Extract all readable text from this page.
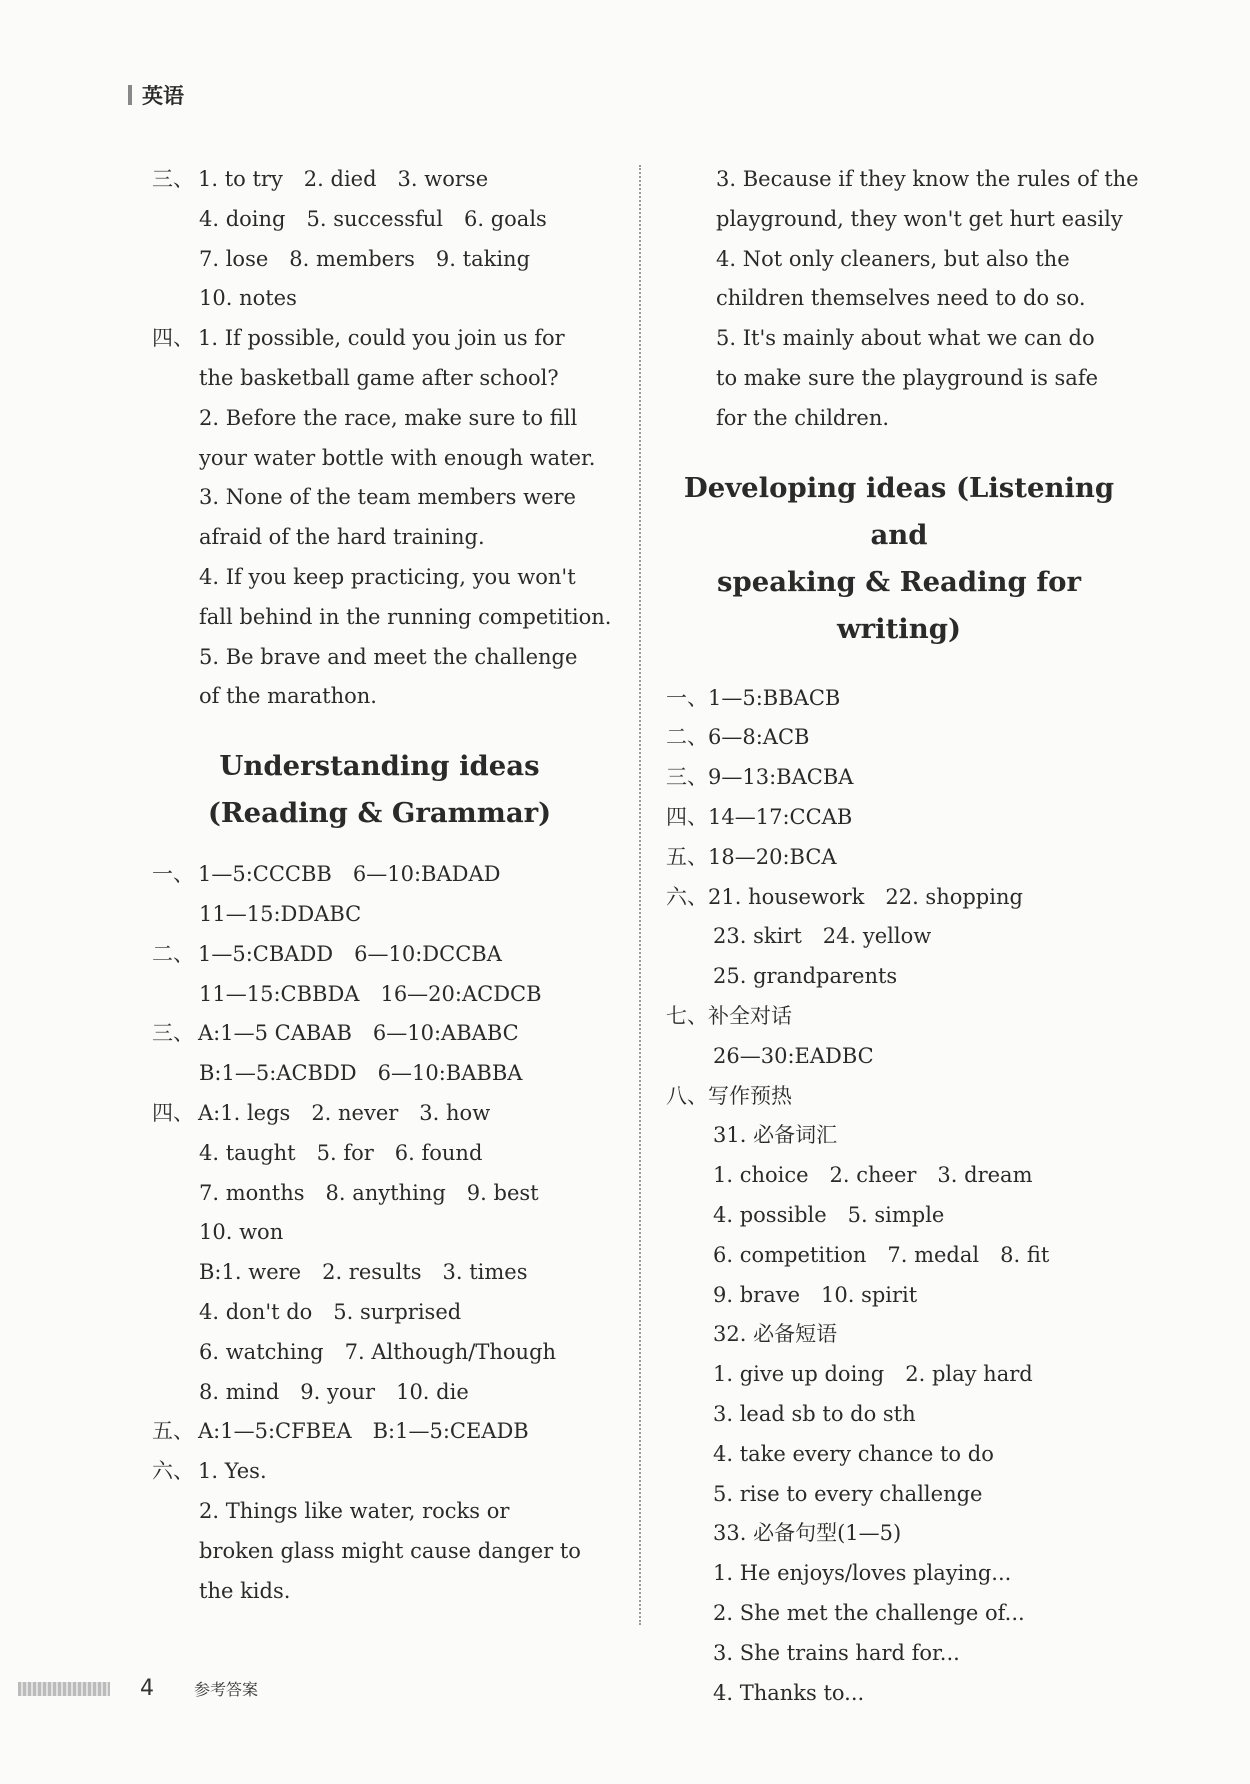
英语
三、 1. to try　2. died　3. worse
4. doing　5. successful　6. goals
7. lose　8. members　9. taking
10. notes
四、 1. If possible, could you join us for
the basketball game after school?
2. Before the race, make sure to fill
your water bottle with enough water.
3. None of the team members were
afraid of the hard training.
4. If you keep practicing, you won't
fall behind in the running competition.
5. Be brave and meet the challenge
of the marathon.
Understanding ideas
(Reading & Grammar)
一、 1—5:CCCBB　6—10:BADAD
11—15:DDABC
二、 1—5:CBADD　6—10:DCCBA
11—15:CBBDA　16—20:ACDCB
三、 A:1—5 CABAB　6—10:ABABC
B:1—5:ACBDD　6—10:BABBA
四、 A:1. legs　2. never　3. how
4. taught　5. for　6. found
7. months　8. anything　9. best
10. won
B:1. were　2. results　3. times
4. don't do　5. surprised
6. watching　7. Although/Though
8. mind　9. your　10. die
五、 A:1—5:CFBEA　B:1—5:CEADB
六、 1. Yes.
2. Things like water, rocks or
broken glass might cause danger to
the kids.
3. Because if they know the rules of the
playground, they won't get hurt easily
4. Not only cleaners, but also the
children themselves need to do so.
5. It's mainly about what we can do
to make sure the playground is safe
for the children.
Developing ideas (Listening and
speaking & Reading for writing)
一、1—5:BBACB
二、6—8:ACB
三、9—13:BACBA
四、14—17:CCAB
五、18—20:BCA
六、21. housework　22. shopping
23. skirt　24. yellow
25. grandparents
七、补全对话
26—30:EADBC
八、写作预热
31. 必备词汇
1. choice　2. cheer　3. dream
4. possible　5. simple
6. competition　7. medal　8. fit
9. brave　10. spirit
32. 必备短语
1. give up doing　2. play hard
3. lead sb to do sth
4. take every chance to do
5. rise to every challenge
33. 必备句型(1—5)
1. He enjoys/loves playing...
2. She met the challenge of...
3. She trains hard for...
4. Thanks to...
4	参考答案
